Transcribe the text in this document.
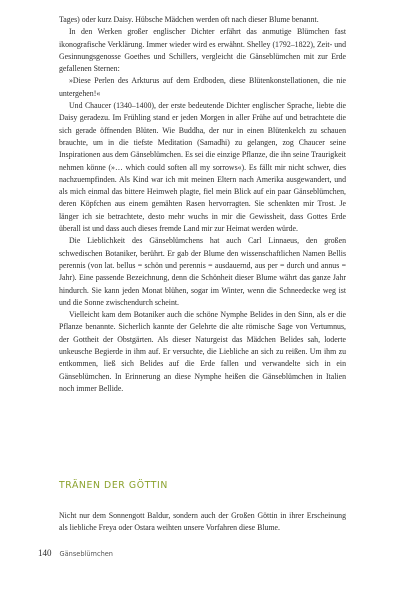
Tages) oder kurz Daisy. Hübsche Mädchen werden oft nach dieser Blume benannt.

In den Werken großer englischer Dichter erfährt das anmutige Blümchen fast ikonografische Verklärung. Immer wieder wird es erwähnt. Shelley (1792–1822), Zeit- und Gesinnungsgenosse Goethes und Schillers, vergleicht die Gänseblümchen mit zur Erde gefallenen Sternen:

»Diese Perlen des Arkturus auf dem Erdboden, diese Blütenkonstellationen, die nie untergehen!«

Und Chaucer (1340–1400), der erste bedeutende Dichter englischer Sprache, liebte die Daisy geradezu. Im Frühling stand er jeden Morgen in aller Frühe auf und betrachtete die sich gerade öffnenden Blüten. Wie Buddha, der nur in einen Blütenkelch zu schauen brauchte, um in die tiefste Meditation (Samadhi) zu gelangen, zog Chaucer seine Inspirationen aus dem Gänseblümchen. Es sei die einzige Pflanze, die ihn seine Traurigkeit nehmen könne (»… which could soften all my sorrows«). Es fällt mir nicht schwer, dies nachzuempfinden. Als Kind war ich mit meinen Eltern nach Amerika ausgewandert, und als mich einmal das bittere Heimweh plagte, fiel mein Blick auf ein paar Gänseblümchen, deren Köpfchen aus einem gemähten Rasen hervorragten. Sie schenkten mir Trost. Je länger ich sie betrachtete, desto mehr wuchs in mir die Gewissheit, dass Gottes Erde überall ist und dass auch dieses fremde Land mir zur Heimat werden würde.

Die Lieblichkeit des Gänseblümchens hat auch Carl Linnaeus, den großen schwedischen Botaniker, berührt. Er gab der Blume den wissenschaftlichen Namen Bellis perennis (von lat. bellus = schön und perennis = ausdauernd, aus per = durch und annus = Jahr). Eine passende Bezeichnung, denn die Schönheit dieser Blume währt das ganze Jahr hindurch. Sie kann jeden Monat blühen, sogar im Winter, wenn die Schneedecke weg ist und die Sonne zwischendurch scheint.

Vielleicht kam dem Botaniker auch die schöne Nymphe Belides in den Sinn, als er die Pflanze benannte. Sicherlich kannte der Gelehrte die alte römische Sage von Vertumnus, der Gottheit der Obstgärten. Als dieser Naturgeist das Mädchen Belides sah, loderte unkeusche Begierde in ihm auf. Er versuchte, die Liebliche an sich zu reißen. Um ihm zu entkommen, ließ sich Belides auf die Erde fallen und verwandelte sich in ein Gänseblümchen. In Erinnerung an diese Nymphe heißen die Gänseblümchen in Italien noch immer Bellide.

TRÄNEN DER GÖTTIN

Nicht nur dem Sonnengott Baldur, sondern auch der Großen Göttin in ihrer Erscheinung als liebliche Freya oder Ostara weihten unsere Vorfahren diese Blume.

140 Gänseblümchen
